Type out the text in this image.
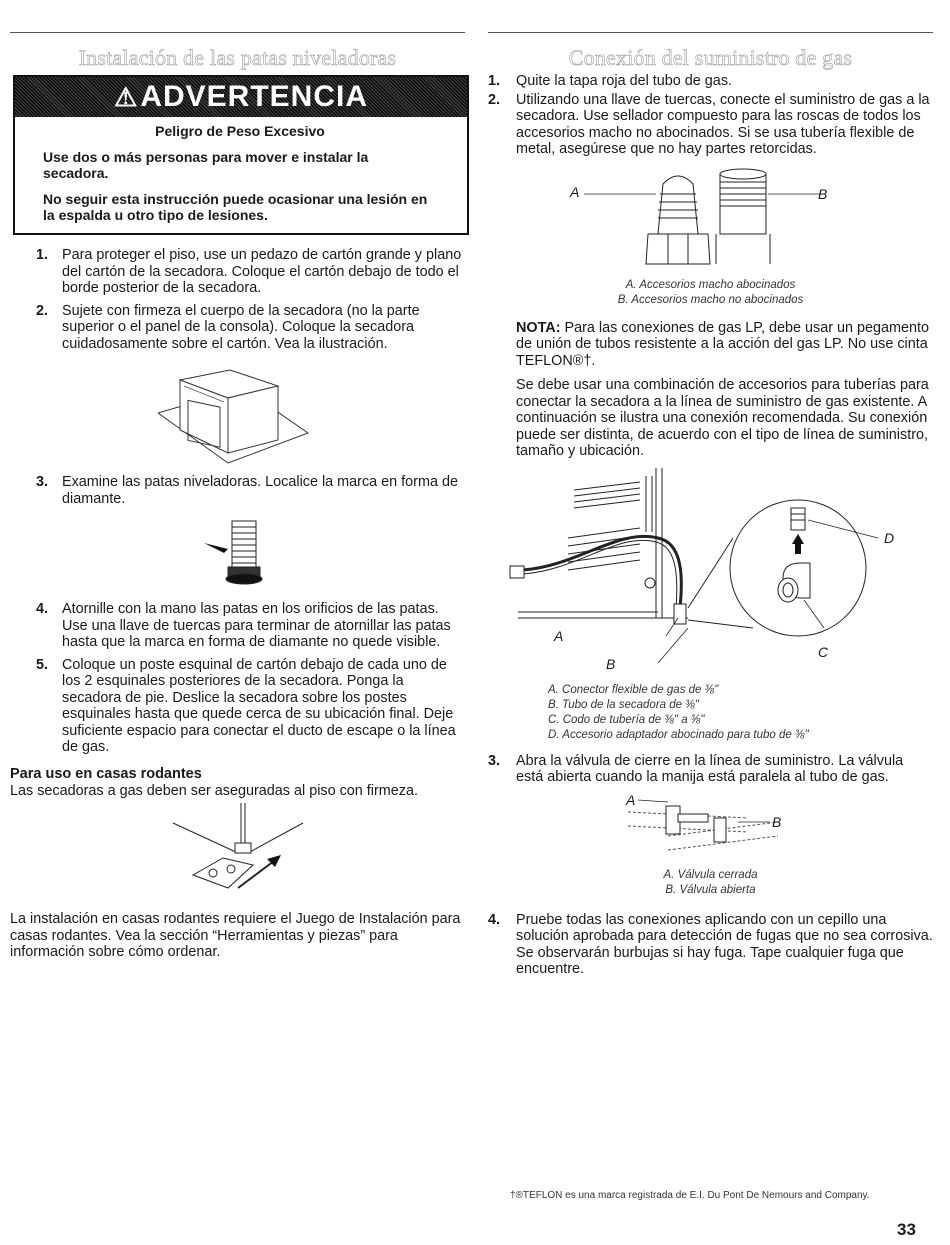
Instalación de las patas niveladoras
⚠ADVERTENCIA
Peligro de Peso Excesivo
Use dos o más personas para mover e instalar la secadora.
No seguir esta instrucción puede ocasionar una lesión en la espalda u otro tipo de lesiones.
1. Para proteger el piso, use un pedazo de cartón grande y plano del cartón de la secadora. Coloque el cartón debajo de todo el borde posterior de la secadora.
2. Sujete con firmeza el cuerpo de la secadora (no la parte superior o el panel de la consola). Coloque la secadora cuidadosamente sobre el cartón. Vea la ilustración.
3. Examine las patas niveladoras. Localice la marca en forma de diamante.
4. Atornille con la mano las patas en los orificios de las patas. Use una llave de tuercas para terminar de atornillar las patas hasta que la marca en forma de diamante no quede visible.
5. Coloque un poste esquinal de cartón debajo de cada uno de los 2 esquinales posteriores de la secadora. Ponga la secadora de pie. Deslice la secadora sobre los postes esquinales hasta que quede cerca de su ubicación final. Deje suficiente espacio para conectar el ducto de escape o la línea de gas.
Para uso en casas rodantes

Las secadoras a gas deben ser aseguradas al piso con firmeza.

La instalación en casas rodantes requiere el Juego de Instalación para casas rodantes. Vea la sección “Herramientas y piezas” para información sobre cómo ordenar.

Conexión del suministro de gas
1.	Quite la tapa roja del tubo de gas.
2.	Utilizando una llave de tuercas, conecte el suministro de gas a la secadora. Use sellador compuesto para las roscas de todos los accesorios macho no abocinados. Si se usa tubería flexible de metal, asegúrese que no hay partes retorcidas.
A	B
A. Accesorios macho abocinados
B. Accesorios macho no abocinados

NOTA: Para las conexiones de gas LP, debe usar un pegamento de unión de tubos resistente a la acción del gas LP. No use cinta TEFLON®†.

Se debe usar una combinación de accesorios para tuberías para conectar la secadora a la línea de suministro de gas existente. A continuación se ilustra una conexión recomendada. Su conexión puede ser distinta, de acuerdo con el tipo de línea de suministro, tamaño y ubicación.

D
A
C
B
A. Conector flexible de gas de ⅜"
B. Tubo de la secadora de ⅜"
C. Codo de tubería de ⅜" a ⅜"
D. Accesorio adaptador abocinado para tubo de ⅜"
3.	Abra la válvula de cierre en la línea de suministro. La válvula está abierta cuando la manija está paralela al tubo de gas.
A
B
A. Válvula cerrada
B. Válvula abierta
4.	Pruebe todas las conexiones aplicando con un cepillo una solución aprobada para detección de fugas que no sea corrosiva. Se observarán burbujas si hay fuga. Tape cualquier fuga que encuentre.
†®TEFLON es una marca registrada de E.I. Du Pont De Nemours and Company.
33
